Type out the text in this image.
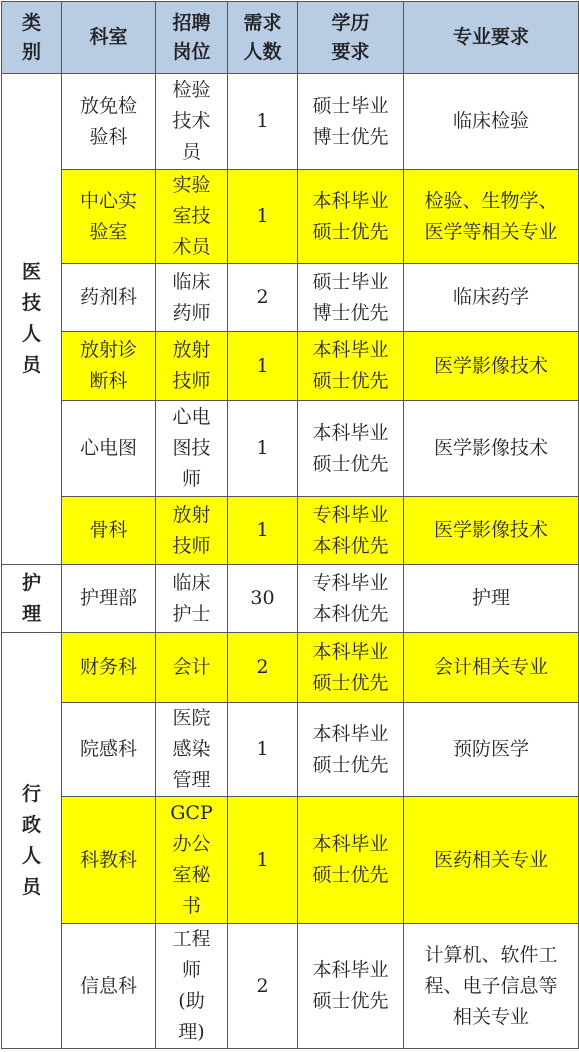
类
别	科室	招聘
岗位	需求
人数	学历
要求	专业要求

医
技
人
员	放免检
验科	检验
技术
员	1	硕士毕业
博士优先	临床检验

	中心实
验室	实验
室技
术员	1	本科毕业
硕士优先	检验、生物学、
医学等相关专业

	药剂科	临床
药师	2	硕士毕业
博士优先	临床药学

	放射诊
断科	放射
技师	1	本科毕业
硕士优先	医学影像技术

	心电图	心电
图技
师	1	本科毕业
硕士优先	医学影像技术

	骨科	放射
技师	1	专科毕业
本科优先	医学影像技术

护
理	护理部	临床
护士	30	专科毕业
本科优先	护理

行
政
人
员	财务科	会计	2	本科毕业
硕士优先	会计相关专业

	院感科	医院
感染
管理	1	本科毕业
硕士优先	预防医学

	科教科	GCP
办公
室秘
书	1	本科毕业
硕士优先	医药相关专业

	信息科	工程
师
(助
理)	2	本科毕业
硕士优先	计算机、软件工
程、电子信息等
相关专业
